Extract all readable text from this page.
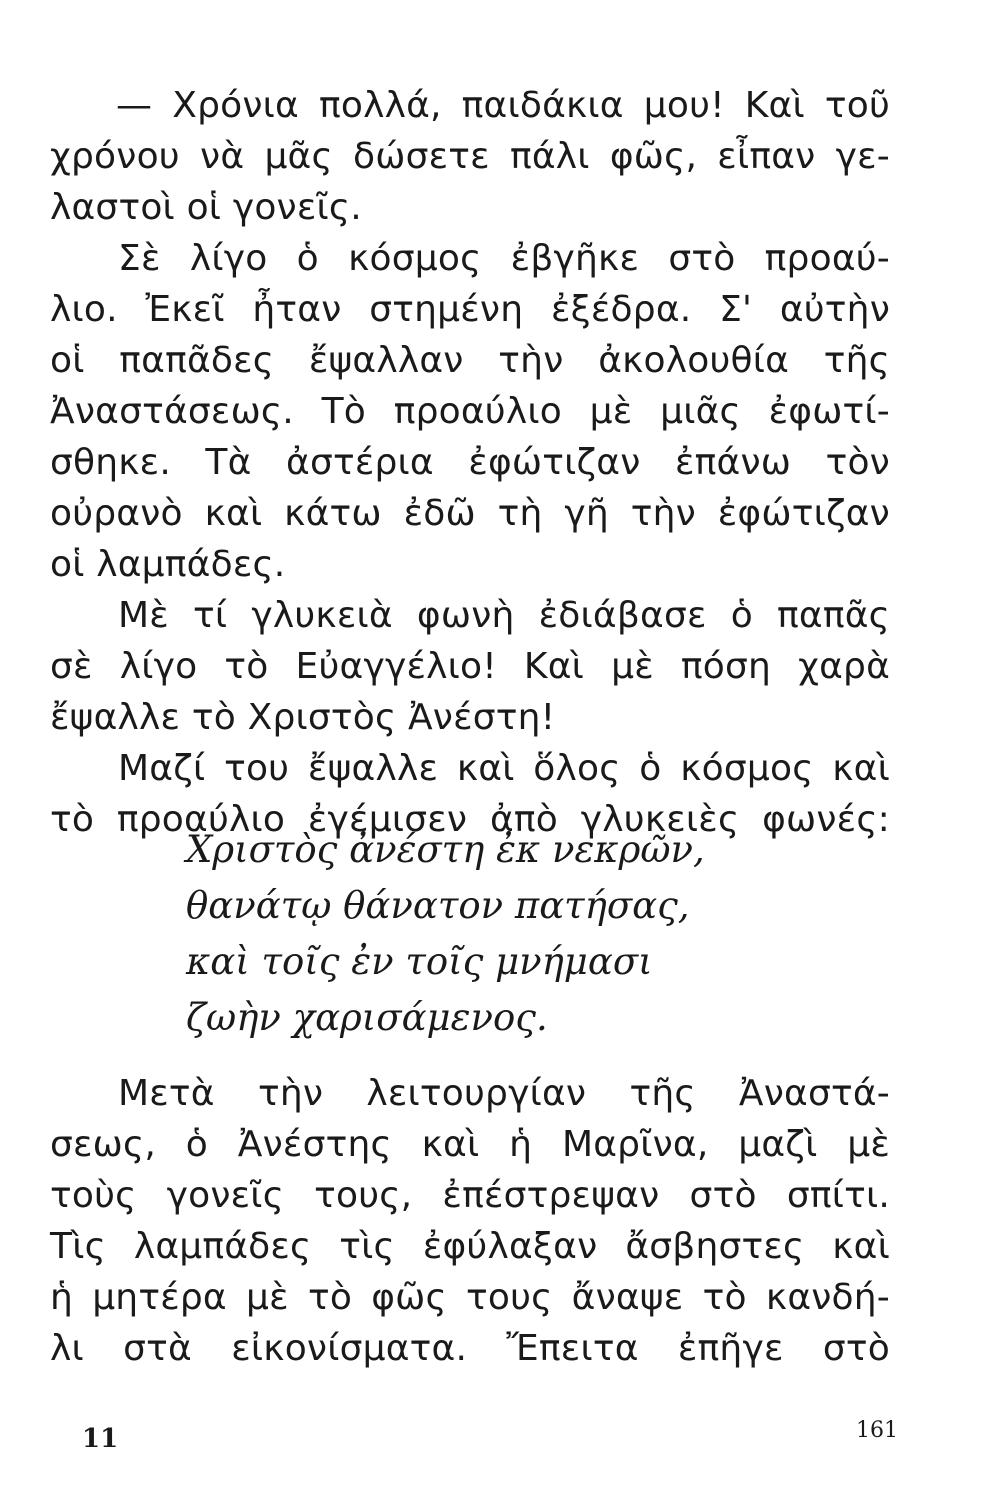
— Χρόνια πολλά, παιδάκια μου! Καὶ τοῦ
χρόνου νὰ μᾶς δώσετε πάλι φῶς, εἶπαν γε-
λαστοὶ οἱ γονεῖς.
Σὲ λίγο ὁ κόσμος ἐβγῆκε στὸ προαύ-
λιο. Ἐκεῖ ἦταν στημένη ἐξέδρα. Σ' αὐτὴν
οἱ παπᾶδες ἔψαλλαν τὴν ἀκολουθία τῆς
Ἀναστάσεως. Τὸ προαύλιο μὲ μιᾶς ἐφωτί-
σθηκε. Τὰ ἀστέρια ἐφώτιζαν ἐπάνω τὸν
οὐρανὸ καὶ κάτω ἐδῶ τὴ γῆ τὴν ἐφώτιζαν
οἱ λαμπάδες.
Μὲ τί γλυκειὰ φωνὴ ἐδιάβασε ὁ παπᾶς
σὲ λίγο τὸ Εὐαγγέλιο! Καὶ μὲ πόση χαρὰ
ἔψαλλε τὸ Χριστὸς Ἀνέστη!
Μαζί του ἔψαλλε καὶ ὅλος ὁ κόσμος καὶ
τὸ προαύλιο ἐγέμισεν ἀπὸ γλυκειὲς φωνές:
Χριστὸς ἀνέστη ἐκ νεκρῶν,
θανάτῳ θάνατον πατήσας,
καὶ τοῖς ἐν τοῖς μνήμασι
ζωὴν χαρισάμενος.
Μετὰ τὴν λειτουργίαν τῆς Ἀναστά-
σεως, ὁ Ἀνέστης καὶ ἡ Μαρῖνα, μαζὶ μὲ
τοὺς γονεῖς τους, ἐπέστρεψαν στὸ σπίτι.
Τὶς λαμπάδες τὶς ἐφύλαξαν ἄσβηστες καὶ
ἡ μητέρα μὲ τὸ φῶς τους ἄναψε τὸ κανδή-
λι στὰ εἰκονίσματα. Ἔπειτα ἐπῆγε στὸ
11	161
